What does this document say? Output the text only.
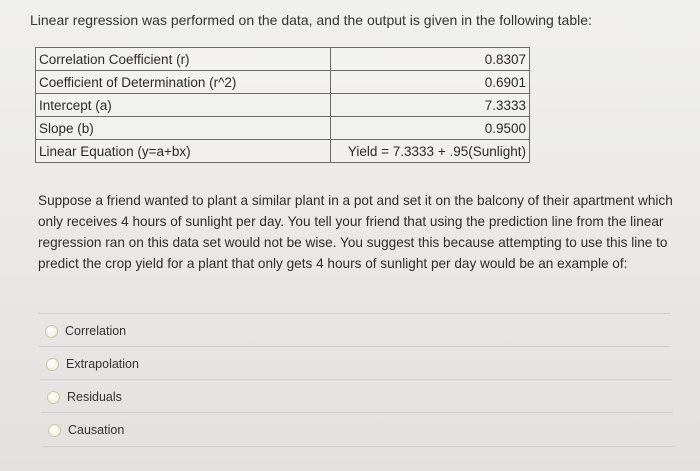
Linear regression was performed on the data, and the output is given in the following table:
Correlation Coefficient (r)	0.8307
Coefficient of Determination (r^2)	0.6901
Intercept (a)	7.3333
Slope (b)	0.9500
Linear Equation (y=a+bx)	Yield = 7.3333 + .95(Sunlight)
Suppose a friend wanted to plant a similar plant in a pot and set it on the balcony of their apartment which only receives 4 hours of sunlight per day. You tell your friend that using the prediction line from the linear regression ran on this data set would not be wise. You suggest this because attempting to use this line to predict the crop yield for a plant that only gets 4 hours of sunlight per day would be an example of:
Correlation
Extrapolation
Residuals
Causation
